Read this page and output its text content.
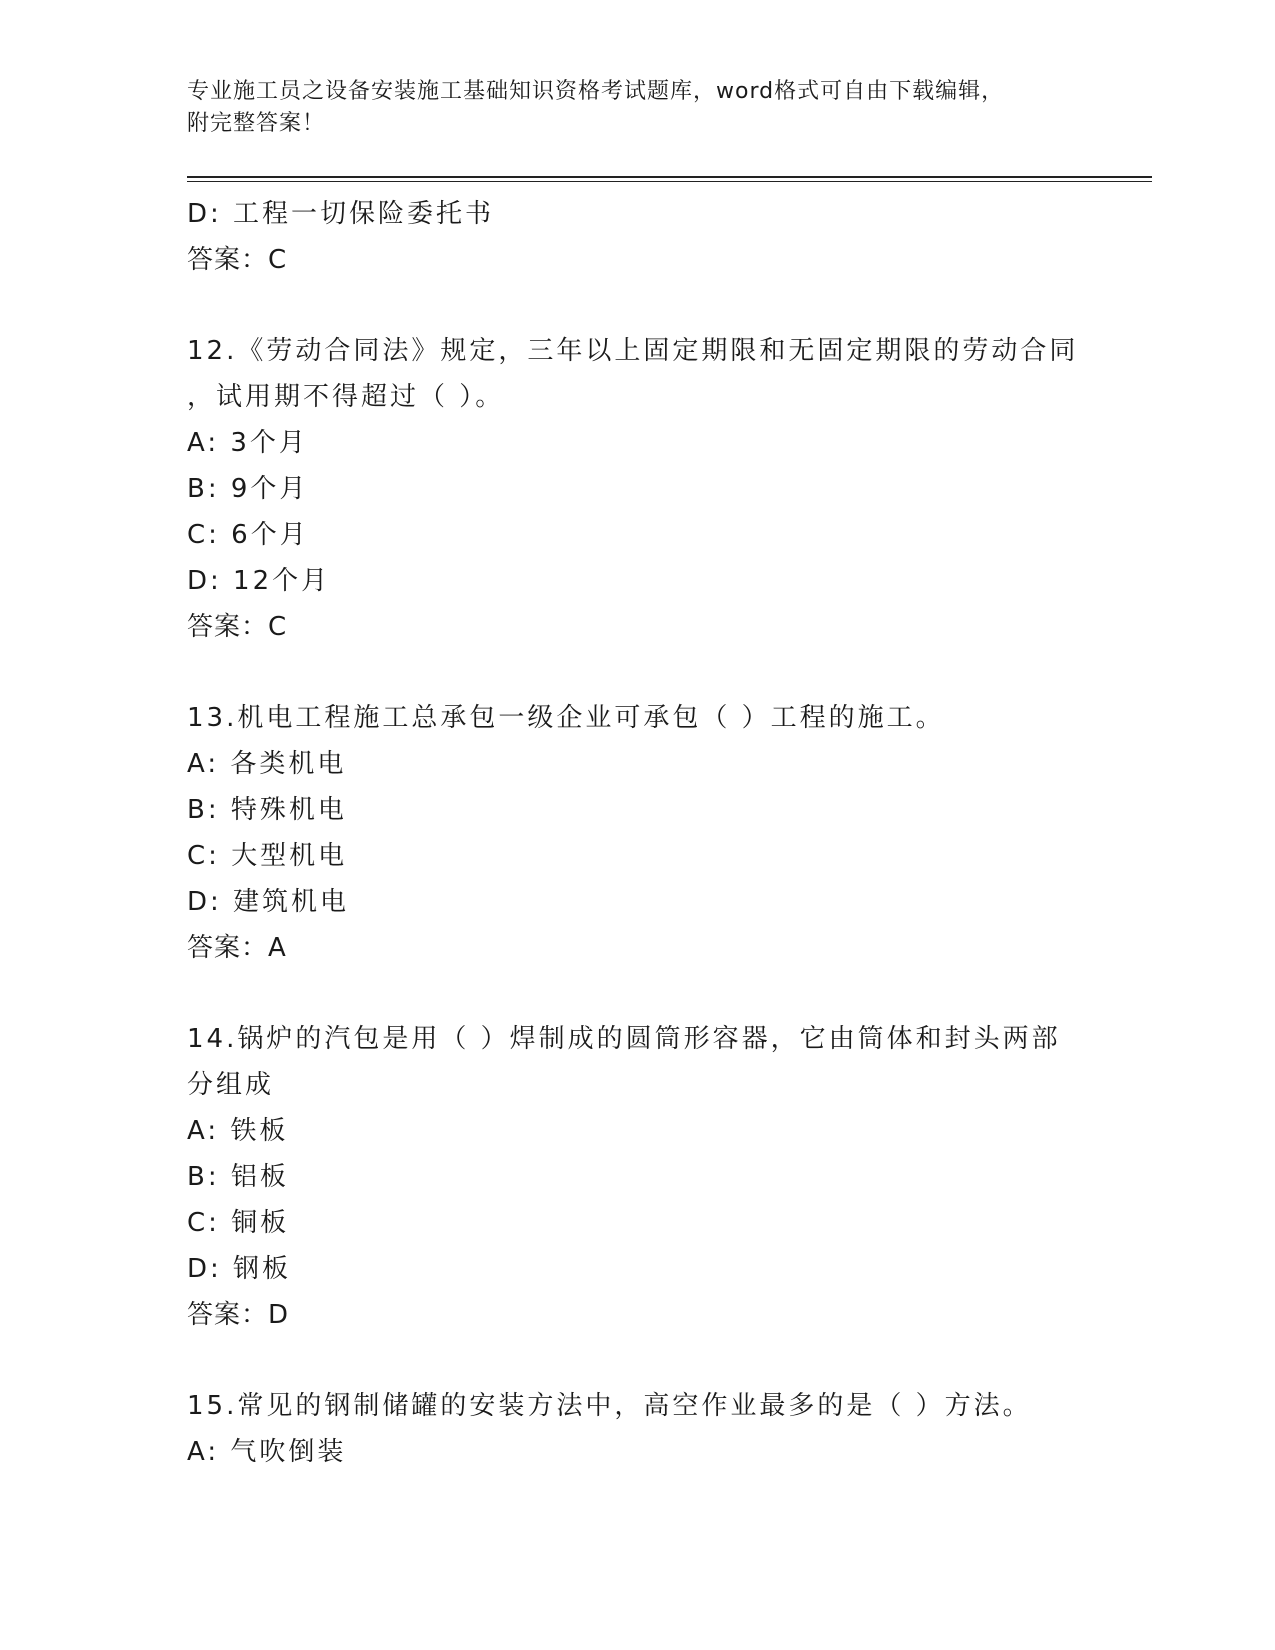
专业施工员之设备安装施工基础知识资格考试题库，word格式可自由下载编辑，
附完整答案！
D: 工程一切保险委托书
答案：C
12.《劳动合同法》规定，三年以上固定期限和无固定期限的劳动合同
，试用期不得超过（ ）。
A: 3个月
B: 9个月
C: 6个月
D: 12个月
答案：C
13.机电工程施工总承包一级企业可承包（ ）工程的施工。
A: 各类机电
B: 特殊机电
C: 大型机电
D: 建筑机电
答案：A
14.锅炉的汽包是用（ ）焊制成的圆筒形容器，它由筒体和封头两部
分组成
A: 铁板
B: 铝板
C: 铜板
D: 钢板
答案：D
15.常见的钢制储罐的安装方法中，高空作业最多的是（ ）方法。
A: 气吹倒装
